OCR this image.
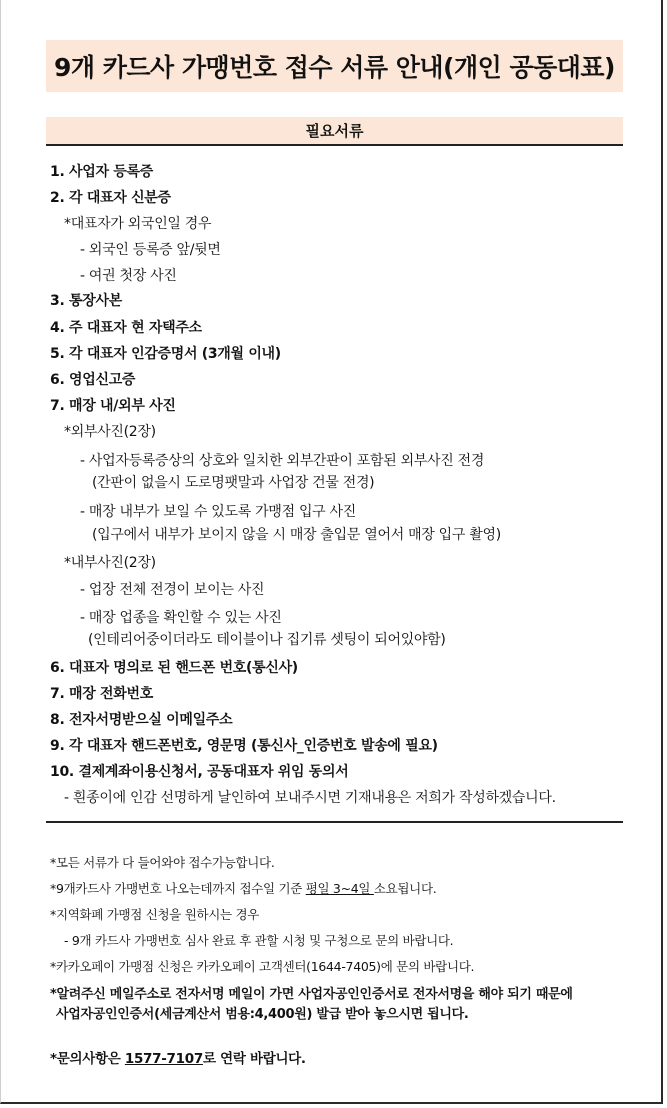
9개 카드사 가맹번호 접수 서류 안내(개인 공동대표)
필요서류
1. 사업자 등록증
2. 각 대표자 신분증
*대표자가 외국인일 경우
- 외국인 등록증 앞/뒷면
- 여권 첫장 사진
3. 통장사본
4. 주 대표자 현 자택주소
5. 각 대표자 인감증명서 (3개월 이내)
6. 영업신고증
7. 매장 내/외부 사진
*외부사진(2장)
- 사업자등록증상의 상호와 일치한 외부간판이 포함된 외부사진 전경
(간판이 없을시 도로명팻말과 사업장 건물 전경)
- 매장 내부가 보일 수 있도록 가맹점 입구 사진
(입구에서 내부가 보이지 않을 시 매장 출입문 열어서 매장 입구 촬영)
*내부사진(2장)
- 업장 전체 전경이 보이는 사진
- 매장 업종을 확인할 수 있는 사진
(인테리어중이더라도 테이블이나 집기류 셋팅이 되어있야함)
6. 대표자 명의로 된 핸드폰 번호(통신사)
7. 매장 전화번호
8. 전자서명받으실 이메일주소
9. 각 대표자 핸드폰번호, 영문명 (통신사_인증번호 발송에 필요)
10. 결제계좌이용신청서, 공동대표자 위임 동의서
- 흰종이에 인감 선명하게 날인하여 보내주시면 기재내용은 저희가 작성하겠습니다.
*모든 서류가 다 들어와야 접수가능합니다.
*9개카드사 가맹번호 나오는데까지 접수일 기준 평일 3~4일 소요됩니다.
*지역화폐 가맹점 신청을 원하시는 경우
- 9개 카드사 가맹번호 심사 완료 후 관할 시청 및 구청으로 문의 바랍니다.
*카카오페이 가맹점 신청은 카카오페이 고객센터(1644-7405)에 문의 바랍니다.
*알려주신 메일주소로 전자서명 메일이 가면 사업자공인인증서로 전자서명을 해야 되기 때문에
사업자공인인증서(세금계산서 범용:4,400원) 발급 받아 놓으시면 됩니다.
*문의사항은 1577-7107로 연락 바랍니다.
